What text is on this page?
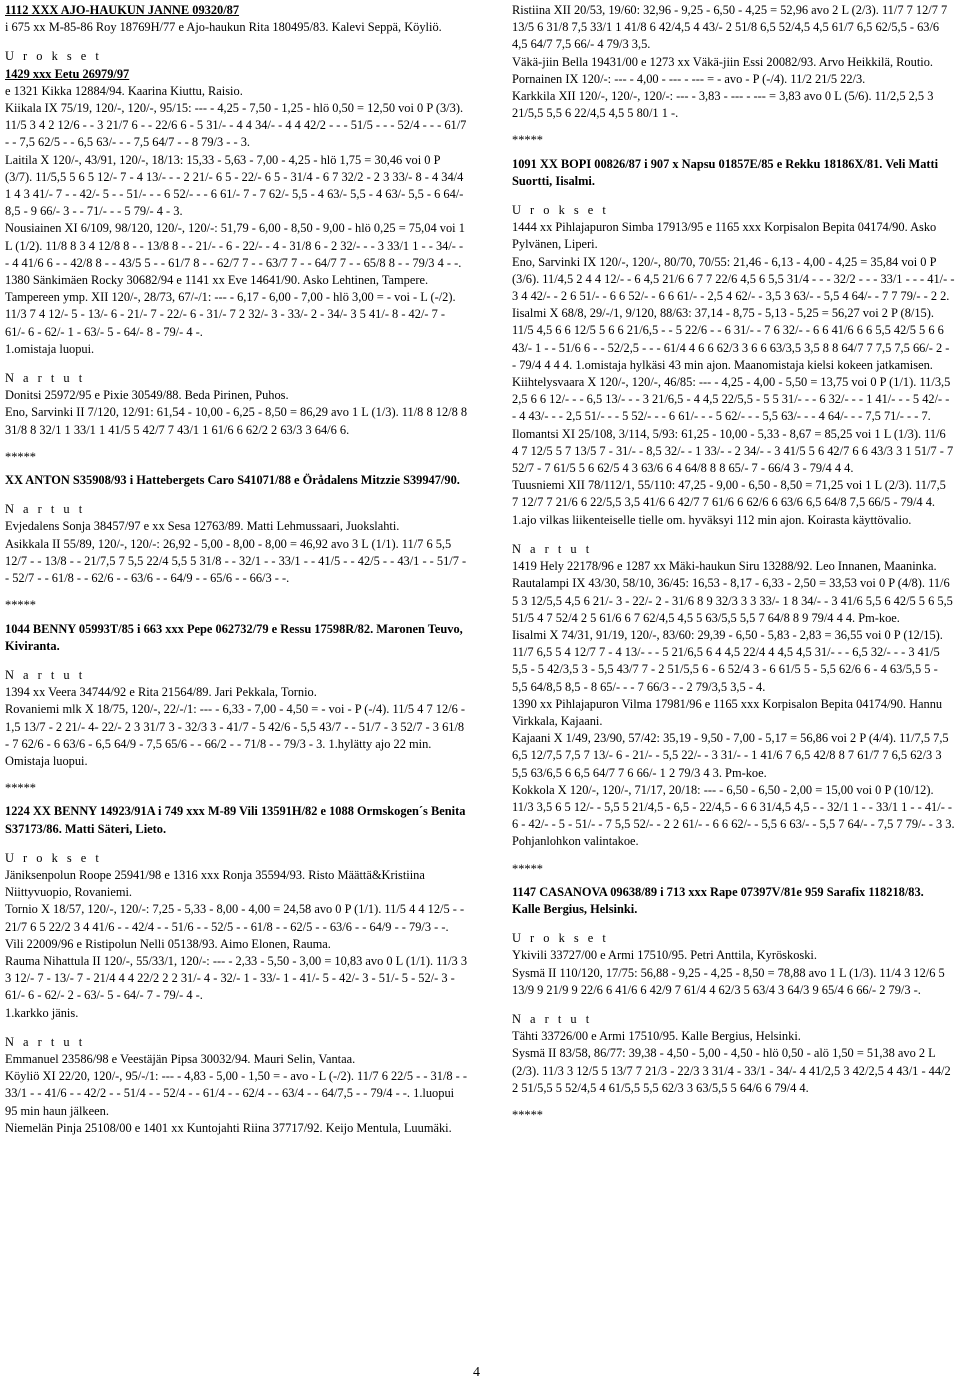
1112 XXX AJO-HAUKUN JANNE 09320/87

i 675 xx M-85-86 Roy 18769H/77 e Ajo-haukun Rita 180495/83. Kalevi Seppä, Köyliö.

U r o k s e t

1429 xxx Eetu 26979/97

e 1321 Kikka 12884/94. Kaarina Kiuttu, Raisio.

Kiikala IX 75/19, 120/-, 120/-, 95/15: --- - 4,25 - 7,50 - 1,25 - hlö 0,50 = 12,50 voi 0 P (3/3). 11/5 3 4 2 12/6 - - 3 21/7 6 - - 22/6 6 - 5 31/- - 4 4 34/- - 4 4 42/2 - - - 51/5 - - - 52/4 - - - 61/7 - - 7,5 62/5 - - 6,5 63/- - - 7,5 64/7 - - 8 79/3 - - 3.

Laitila X 120/-, 43/91, 120/-, 18/13: 15,33 - 5,63 - 7,00 - 4,25 - hlö 1,75 = 30,46 voi 0 P (3/7). 11/5,5 5 6 5 12/- 7 - 4 13/- - - 2 21/- 6 5 - 22/- 6 5 - 31/4 - 6 7 32/2 - 2 3 33/- 8 - 4 34/4 1 4 3 41/- 7 - - 42/- 5 - - 51/- - - 6 52/- - - 6 61/- 7 - 7 62/- 5,5 - 4 63/- 5,5 - 4 63/- 5,5 - 6 64/- 8,5 - 9 66/- 3 - - 71/- - - 5 79/- 4 - 3.

Nousiainen XI 6/109, 98/120, 120/-, 120/-: 51,79 - 6,00 - 8,50 - 9,00 - hlö 0,25 = 75,04 voi 1 L (1/2). 11/8 8 3 4 12/8 8 - - 13/8 8 - - 21/- - 6 - 22/- - 4 - 31/8 6 - 2 32/- - - 3 33/1 1 - - 34/- - - 4 41/6 6 - - 42/8 8 - - 43/5 5 - - 61/7 8 - - 62/7 7 - - 63/7 7 - - 64/7 7 - - 65/8 8 - - 79/3 4 - -.

1380 Sänkimäen Rocky 30682/94 e 1141 xx Eve 14641/90. Asko Lehtinen, Tampere.

Tampereen ymp. XII 120/-, 28/73, 67/-/1: --- - 6,17 - 6,00 - 7,00 - hlö 3,00 = - voi - L (-/2). 11/3 7 4 12/- 5 - 13/- 6 - 21/- 7 - 22/- 6 - 31/- 7 2 32/- 3 - 33/- 2 - 34/- 3 5 41/- 8 - 42/- 7 - 61/- 6 - 62/- 1 - 63/- 5 - 64/- 8 - 79/- 4 -.

1.omistaja luopui.

N a r t u t

Donitsi 25972/95 e Pixie 30549/88. Beda Pirinen, Puhos.

Eno, Sarvinki II 7/120, 12/91: 61,54 - 10,00 - 6,25 - 8,50 = 86,29 avo 1 L (1/3). 11/8 8 12/8 8 31/8 8 32/1 1 33/1 1 41/5 5 42/7 7 43/1 1 61/6 6 62/2 2 63/3 3 64/6 6.

*****

XX ANTON S35908/93 i Hattebergets Caro S41071/88 e Örådalens Mitzzie S39947/90.

N a r t u t

Evjedalens Sonja 38457/97 e xx Sesa 12763/89. Matti Lehmussaari, Juokslahti.

Asikkala II 55/89, 120/-, 120/-: 26,92 - 5,00 - 8,00 - 8,00 = 46,92 avo 3 L (1/1). 11/7 6 5,5 12/7 - - 13/8 - - 21/7,5 7 5,5 22/4 5,5 5 31/8 - - 32/1 - - 33/1 - - 41/5 - - 42/5 - - 43/1 - - 51/7 - - 52/7 - - 61/8 - - 62/6 - - 63/6 - - 64/9 - - 65/6 - - 66/3 - -.

*****

1044 BENNY 05993T/85 i 663 xxx Pepe 062732/79 e Ressu 17598R/82. Maronen Teuvo, Kiviranta.

N a r t u t

1394 xx Veera 34744/92 e Rita 21564/89. Jari Pekkala, Tornio.

Rovaniemi mlk X 18/75, 120/-, 22/-/1: --- - 6,33 - 7,00 - 4,50 = - voi - P (-/4). 11/5 4 7 12/6 - 1,5 13/7 - 2 21/- 4- 22/- 2 3 31/7 3 - 32/3 3 - 41/7 - 5 42/6 - 5,5 43/7 - - 51/7 - 3 52/7 - 3 61/8 - 7 62/6 - 6 63/6 - 6,5 64/9 - 7,5 65/6 - - 66/2 - - 71/8 - - 79/3 - 3. 1.hylätty ajo 22 min. Omistaja luopui.

*****

1224 XX BENNY 14923/91A i 749 xxx M-89 Vili 13591H/82 e 1088 Ormskogen´s Benita S37173/86. Matti Säteri, Lieto.

U r o k s e t

Jäniksenpolun Roope 25941/98 e 1316 xxx Ronja 35594/93. Risto Määttä&Kristiina Niittyvuopio, Rovaniemi.

Tornio X 18/57, 120/-, 120/-: 7,25 - 5,33 - 8,00 - 4,00 = 24,58 avo 0 P (1/1). 11/5 4 4 12/5 - - 21/7 6 5 22/2 3 4 41/6 - - 42/4 - - 51/6 - - 52/5 - - 61/8 - - 62/5 - - 63/6 - - 64/9 - - 79/3 - -.

Vili 22009/96 e Ristipolun Nelli 05138/93. Aimo Elonen, Rauma.

Rauma Nihattula II 120/-, 55/33/1, 120/-: --- - 2,33 - 5,50 - 3,00 = 10,83 avo 0 L (1/1). 11/3 3 3 12/- 7 - 13/- 7 - 21/4 4 4 22/2 2 2 31/- 4 - 32/- 1 - 33/- 1 - 41/- 5 - 42/- 3 - 51/- 5 - 52/- 3 - 61/- 6 - 62/- 2 - 63/- 5 - 64/- 7 - 79/- 4 -.

1.karkko jänis.

N a r t u t

Emmanuel 23586/98 e Veestäjän Pipsa 30032/94. Mauri Selin, Vantaa.

Köyliö XI 22/20, 120/-, 95/-/1: --- - 4,83 - 5,00 - 1,50 = - avo - L (-/2). 11/7 6 22/5 - - 31/8 - - 33/1 - - 41/6 - - 42/2 - - 51/4 - - 52/4 - - 61/4 - - 62/4 - - 63/4 - - 64/7,5 - - 79/4 - -. 1.luopui 95 min haun jälkeen.

Niemelän Pinja 25108/00 e 1401 xx Kuntojahti Riina 37717/92. Keijo Mentula, Luumäki.

Ristiina XII 20/53, 19/60: 32,96 - 9,25 - 6,50 - 4,25 = 52,96 avo 2 L (2/3). 11/7 7 12/7 7 13/5 6 31/8 7,5 33/1 1 41/8 6 42/4,5 4 43/- 2 51/8 6,5 52/4,5 4,5 61/7 6,5 62/5,5 - 63/6 4,5 64/7 7,5 66/- 4 79/3 3,5.

Väkä-jiin Bella 19431/00 e 1273 xx Väkä-jiin Essi 20082/93. Arvo Heikkilä, Routio.

Pornainen IX 120/-: --- - 4,00 - --- - --- = - avo - P (-/4). 11/2 21/5 22/3.

Karkkila XII 120/-, 120/-, 120/-: --- - 3,83 - --- - --- = 3,83 avo 0 L (5/6). 11/2,5 2,5 3 21/5,5 5,5 6 22/4,5 4,5 5 80/1 1 -.

*****

1091 XX BOPI 00826/87 i 907 x Napsu 01857E/85 e Rekku 18186X/81. Veli Matti Suortti, Iisalmi.

U r o k s e t

1444 xx Pihlajapuron Simba 17913/95 e 1165 xxx Korpisalon Bepita 04174/90. Asko Pylvänen, Liperi.

Eno, Sarvinki IX 120/-, 120/-, 80/70, 70/55: 21,46 - 6,13 - 4,00 - 4,25 = 35,84 voi 0 P (3/6). 11/4,5 2 4 4 12/- - 6 4,5 21/6 6 7 7 22/6 4,5 6 5,5 31/4 - - - 32/2 - - - 33/1 - - - 41/- - 3 4 42/- - 2 6 51/- - 6 6 52/- - 6 6 61/- - 2,5 4 62/- - 3,5 3 63/- - 5,5 4 64/- - 7 7 79/- - 2 2.

Iisalmi X 68/8, 29/-/1, 9/120, 88/63: 37,14 - 8,75 - 5,13 - 5,25 = 56,27 voi 2 P (8/15). 11/5 4,5 6 6 12/5 5 6 6 21/6,5 - - 5 22/6 - - 6 31/- - 7 6 32/- - 6 6 41/6 6 6 5,5 42/5 5 6 6 43/- 1 - - 51/6 6 - - 52/2,5 - - - 61/4 4 6 6 62/3 3 6 6 63/3,5 3,5 8 8 64/7 7 7,5 7,5 66/- 2 - - 79/4 4 4 4. 1.omistaja hylkäsi 43 min ajon. Maanomistaja kielsi kokeen jatkamisen.

Kiihtelysvaara X 120/-, 120/-, 46/85: --- - 4,25 - 4,00 - 5,50 = 13,75 voi 0 P (1/1). 11/3,5 2,5 6 6 12/- - - 6,5 13/- - - 3 21/6,5 - 4 4,5 22/5,5 - 5 5 31/- - - 6 32/- - - 1 41/- - - 5 42/- - - 4 43/- - - 2,5 51/- - - 5 52/- - - 6 61/- - - 5 62/- - - 5,5 63/- - - 4 64/- - - 7,5 71/- - - 7.

Ilomantsi XI 25/108, 3/114, 5/93: 61,25 - 10,00 - 5,33 - 8,67 = 85,25 voi 1 L (1/3). 11/6 4 7 12/5 5 7 13/5 7 - 31/- - 8,5 32/- - 1 33/- - 2 34/- - 3 41/5 5 6 42/7 6 6 43/3 3 1 51/7 - 7 52/7 - 7 61/5 5 6 62/5 4 3 63/6 6 4 64/8 8 8 65/- 7 - 66/4 3 - 79/4 4 4.

Tuusniemi XII 78/112/1, 55/110: 47,25 - 9,00 - 6,50 - 8,50 = 71,25 voi 1 L (2/3). 11/7,5 7 12/7 7 21/6 6 22/5,5 3,5 41/6 6 42/7 7 61/6 6 62/6 6 63/6 6,5 64/8 7,5 66/5 - 79/4 4. 1.ajo vilkas liikenteiselle tielle om. hyväksyi 112 min ajon. Koirasta käyttövalio.

N a r t u t

1419 Hely 22178/96 e 1287 xx Mäki-haukun Siru 13288/92. Leo Innanen, Maaninka.

Rautalampi IX 43/30, 58/10, 36/45: 16,53 - 8,17 - 6,33 - 2,50 = 33,53 voi 0 P (4/8). 11/6 5 3 12/5,5 4,5 6 21/- 3 - 22/- 2 - 31/6 8 9 32/3 3 3 33/- 1 8 34/- - 3 41/6 5,5 6 42/5 5 6 5,5 51/5 4 7 52/4 2 5 61/6 6 7 62/4,5 4,5 5 63/5,5 5,5 7 64/8 8 9 79/4 4 4. Pm-koe.

Iisalmi X 74/31, 91/19, 120/-, 83/60: 29,39 - 6,50 - 5,83 - 2,83 = 36,55 voi 0 P (12/15). 11/7 6,5 5 4 12/7 7 - 4 13/- - - 5 21/6,5 6 4 4,5 22/4 4 4,5 4,5 31/- - - 6,5 32/- - - 3 41/5 5,5 - 5 42/3,5 3 - 5,5 43/7 7 - 2 51/5,5 6 - 6 52/4 3 - 6 61/5 5 - 5,5 62/6 6 - 4 63/5,5 5 - 5,5 64/8,5 8,5 - 8 65/- - - 7 66/3 - - 2 79/3,5 3,5 - 4.

1390 xx Pihlajapuron Vilma 17981/96 e 1165 xxx Korpisalon Bepita 04174/90. Hannu Virkkala, Kajaani.

Kajaani X 1/49, 23/90, 57/42: 35,19 - 9,50 - 7,00 - 5,17 = 56,86 voi 2 P (4/4). 11/7,5 7,5 6,5 12/7,5 7,5 7 13/- 6 - 21/- - 5,5 22/- - 3 31/- - 1 41/6 7 6,5 42/8 8 7 61/7 7 6,5 62/3 3 5,5 63/6,5 6 6,5 64/7 7 6 66/- 1 2 79/3 4 3. Pm-koe.

Kokkola X 120/-, 120/-, 71/17, 20/18: --- - 6,50 - 6,50 - 2,00 = 15,00 voi 0 P (10/12). 11/3 3,5 6 5 12/- - 5,5 5 21/4,5 - 6,5 - 22/4,5 - 6 6 31/4,5 4,5 - - 32/1 1 - - 33/1 1 - - 41/- - 6 - 42/- - 5 - 51/- - 7 5,5 52/- - 2 2 61/- - 6 6 62/- - 5,5 6 63/- - 5,5 7 64/- - 7,5 7 79/- - 3 3. Pohjanlohkon valintakoe.

*****

1147 CASANOVA 09638/89 i 713 xxx Rape 07397V/81e 959 Sarafix 118218/83. Kalle Bergius, Helsinki.

U r o k s e t

Ykivili 33727/00 e Armi 17510/95. Petri Anttila, Kyröskoski.

Sysmä II 110/120, 17/75: 56,88 - 9,25 - 4,25 - 8,50 = 78,88 avo 1 L (1/3). 11/4 3 12/6 5 13/9 9 21/9 9 22/6 6 41/6 6 42/9 7 61/4 4 62/3 5 63/4 3 64/3 9 65/4 6 66/- 2 79/3 -.

N a r t u t

Tähti 33726/00 e Armi 17510/95. Kalle Bergius, Helsinki.

Sysmä II 83/58, 86/77: 39,38 - 4,50 - 5,00 - 4,50 - hlö 0,50 - alö 1,50 = 51,38 avo 2 L (2/3). 11/3 3 12/5 5 13/7 7 21/3 - 22/3 3 31/4 - 33/1 - 34/- 4 41/2,5 3 42/2,5 4 43/1 - 44/2 2 51/5,5 5 52/4,5 4 61/5,5 5,5 62/3 3 63/5,5 5 64/6 6 79/4 4.

*****

4
